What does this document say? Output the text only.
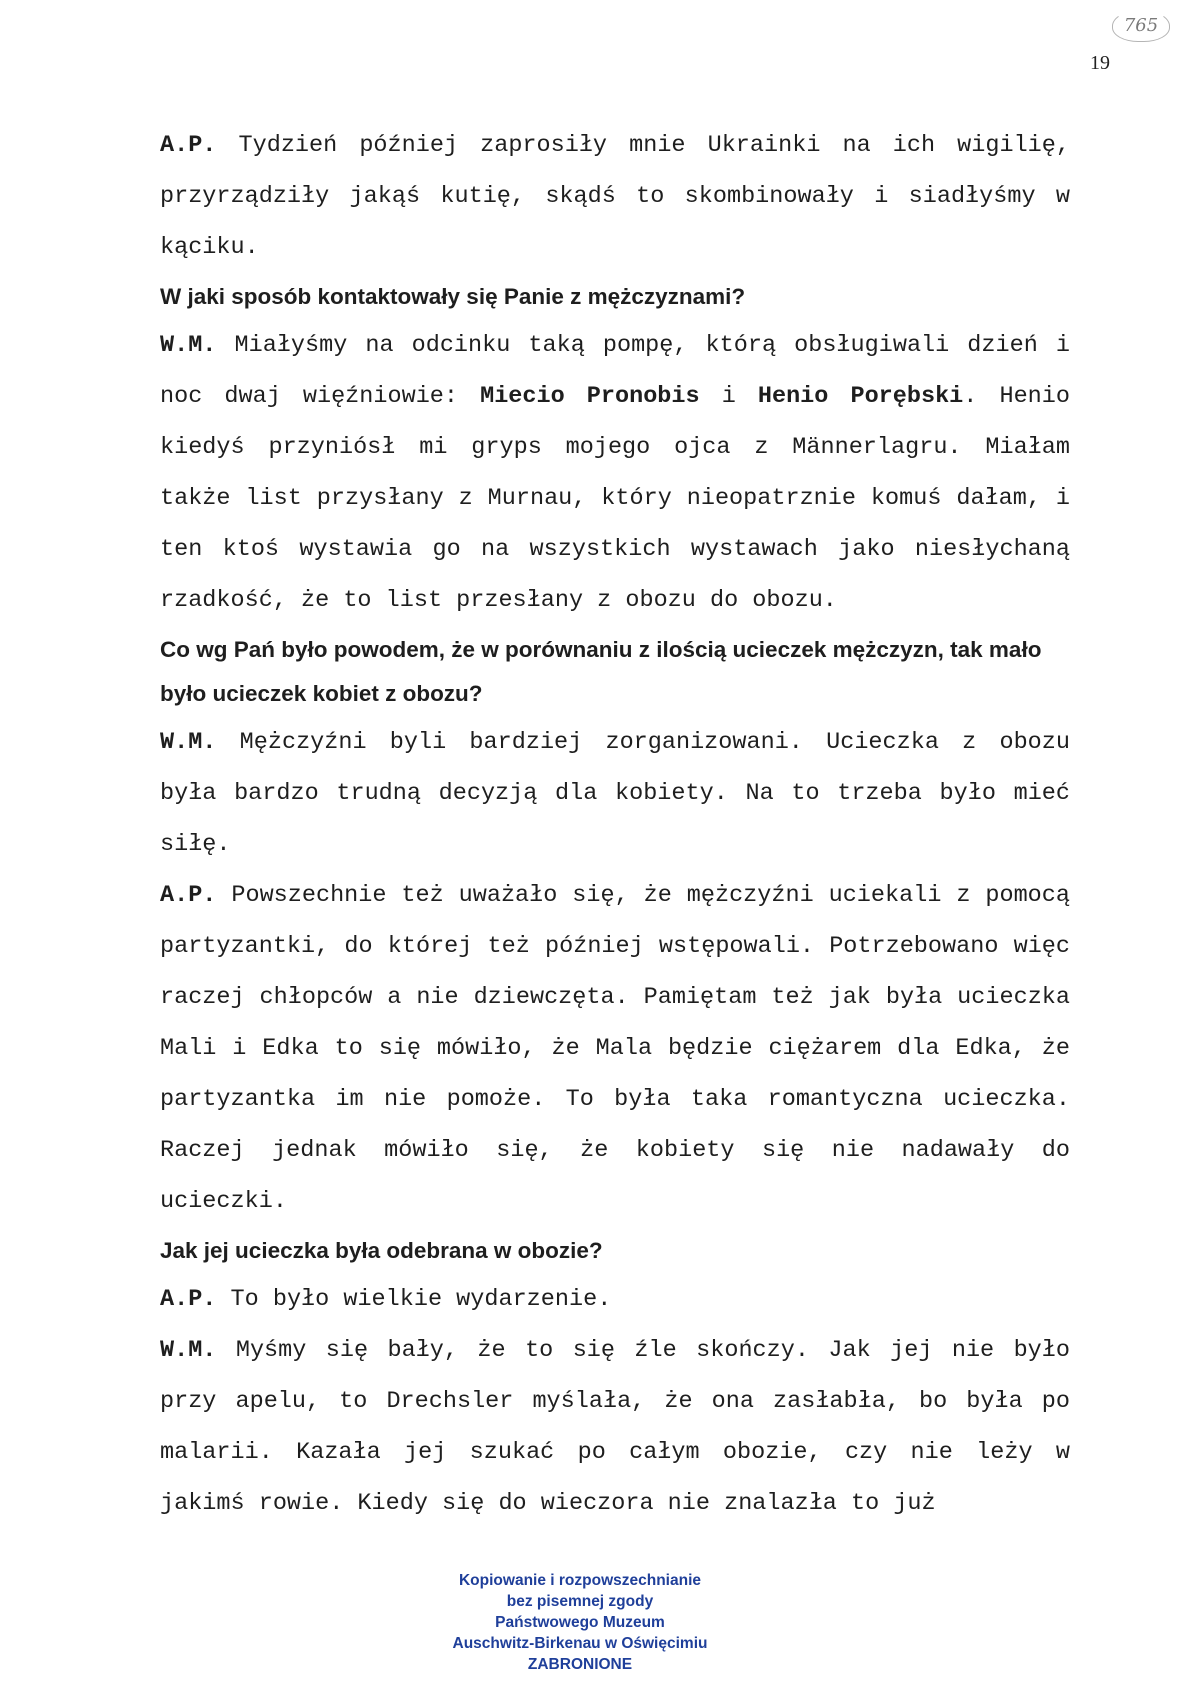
765
19

A.P. Tydzień później zaprosiły mnie Ukrainki na ich wigilię, przyrządziły jakąś kutię, skądś to skombinowały i siadłyśmy w kąciku.

W jaki sposób kontaktowały się Panie z mężczyznami?

W.M. Miałyśmy na odcinku taką pompę, którą obsługiwali dzień i noc dwaj więźniowie: Miecio Pronobis i Henio Porębski. Henio kiedyś przyniósł mi gryps mojego ojca z Männerlagru. Miałam także list przysłany z Murnau, który nieopatrznie komuś dałam, i ten ktoś wystawia go na wszystkich wystawach jako niesłychaną rzadkość, że to list przesłany z obozu do obozu.

Co wg Pań było powodem, że w porównaniu z ilością ucieczek mężczyzn, tak mało było ucieczek kobiet z obozu?

W.M. Mężczyźni byli bardziej zorganizowani. Ucieczka z obozu była bardzo trudną decyzją dla kobiety. Na to trzeba było mieć siłę.

A.P. Powszechnie też uważało się, że mężczyźni uciekali z pomocą partyzantki, do której też później wstępowali. Potrzebowano więc raczej chłopców a nie dziewczęta. Pamiętam też jak była ucieczka Mali i Edka to się mówiło, że Mala będzie ciężarem dla Edka, że partyzantka im nie pomoże. To była taka romantyczna ucieczka. Raczej jednak mówiło się, że kobiety się nie nadawały do ucieczki.

Jak jej ucieczka była odebrana w obozie?

A.P. To było wielkie wydarzenie.

W.M. Myśmy się bały, że to się źle skończy. Jak jej nie było przy apelu, to Drechsler myślała, że ona zasłabła, bo była po malarii. Kazała jej szukać po całym obozie, czy nie leży w jakimś rowie. Kiedy się do wieczora nie znalazła to już

Kopiowanie i rozpowszechnianie
bez pisemnej zgody
Państwowego Muzeum
Auschwitz-Birkenau w Oświęcimiu
ZABRONIONE
